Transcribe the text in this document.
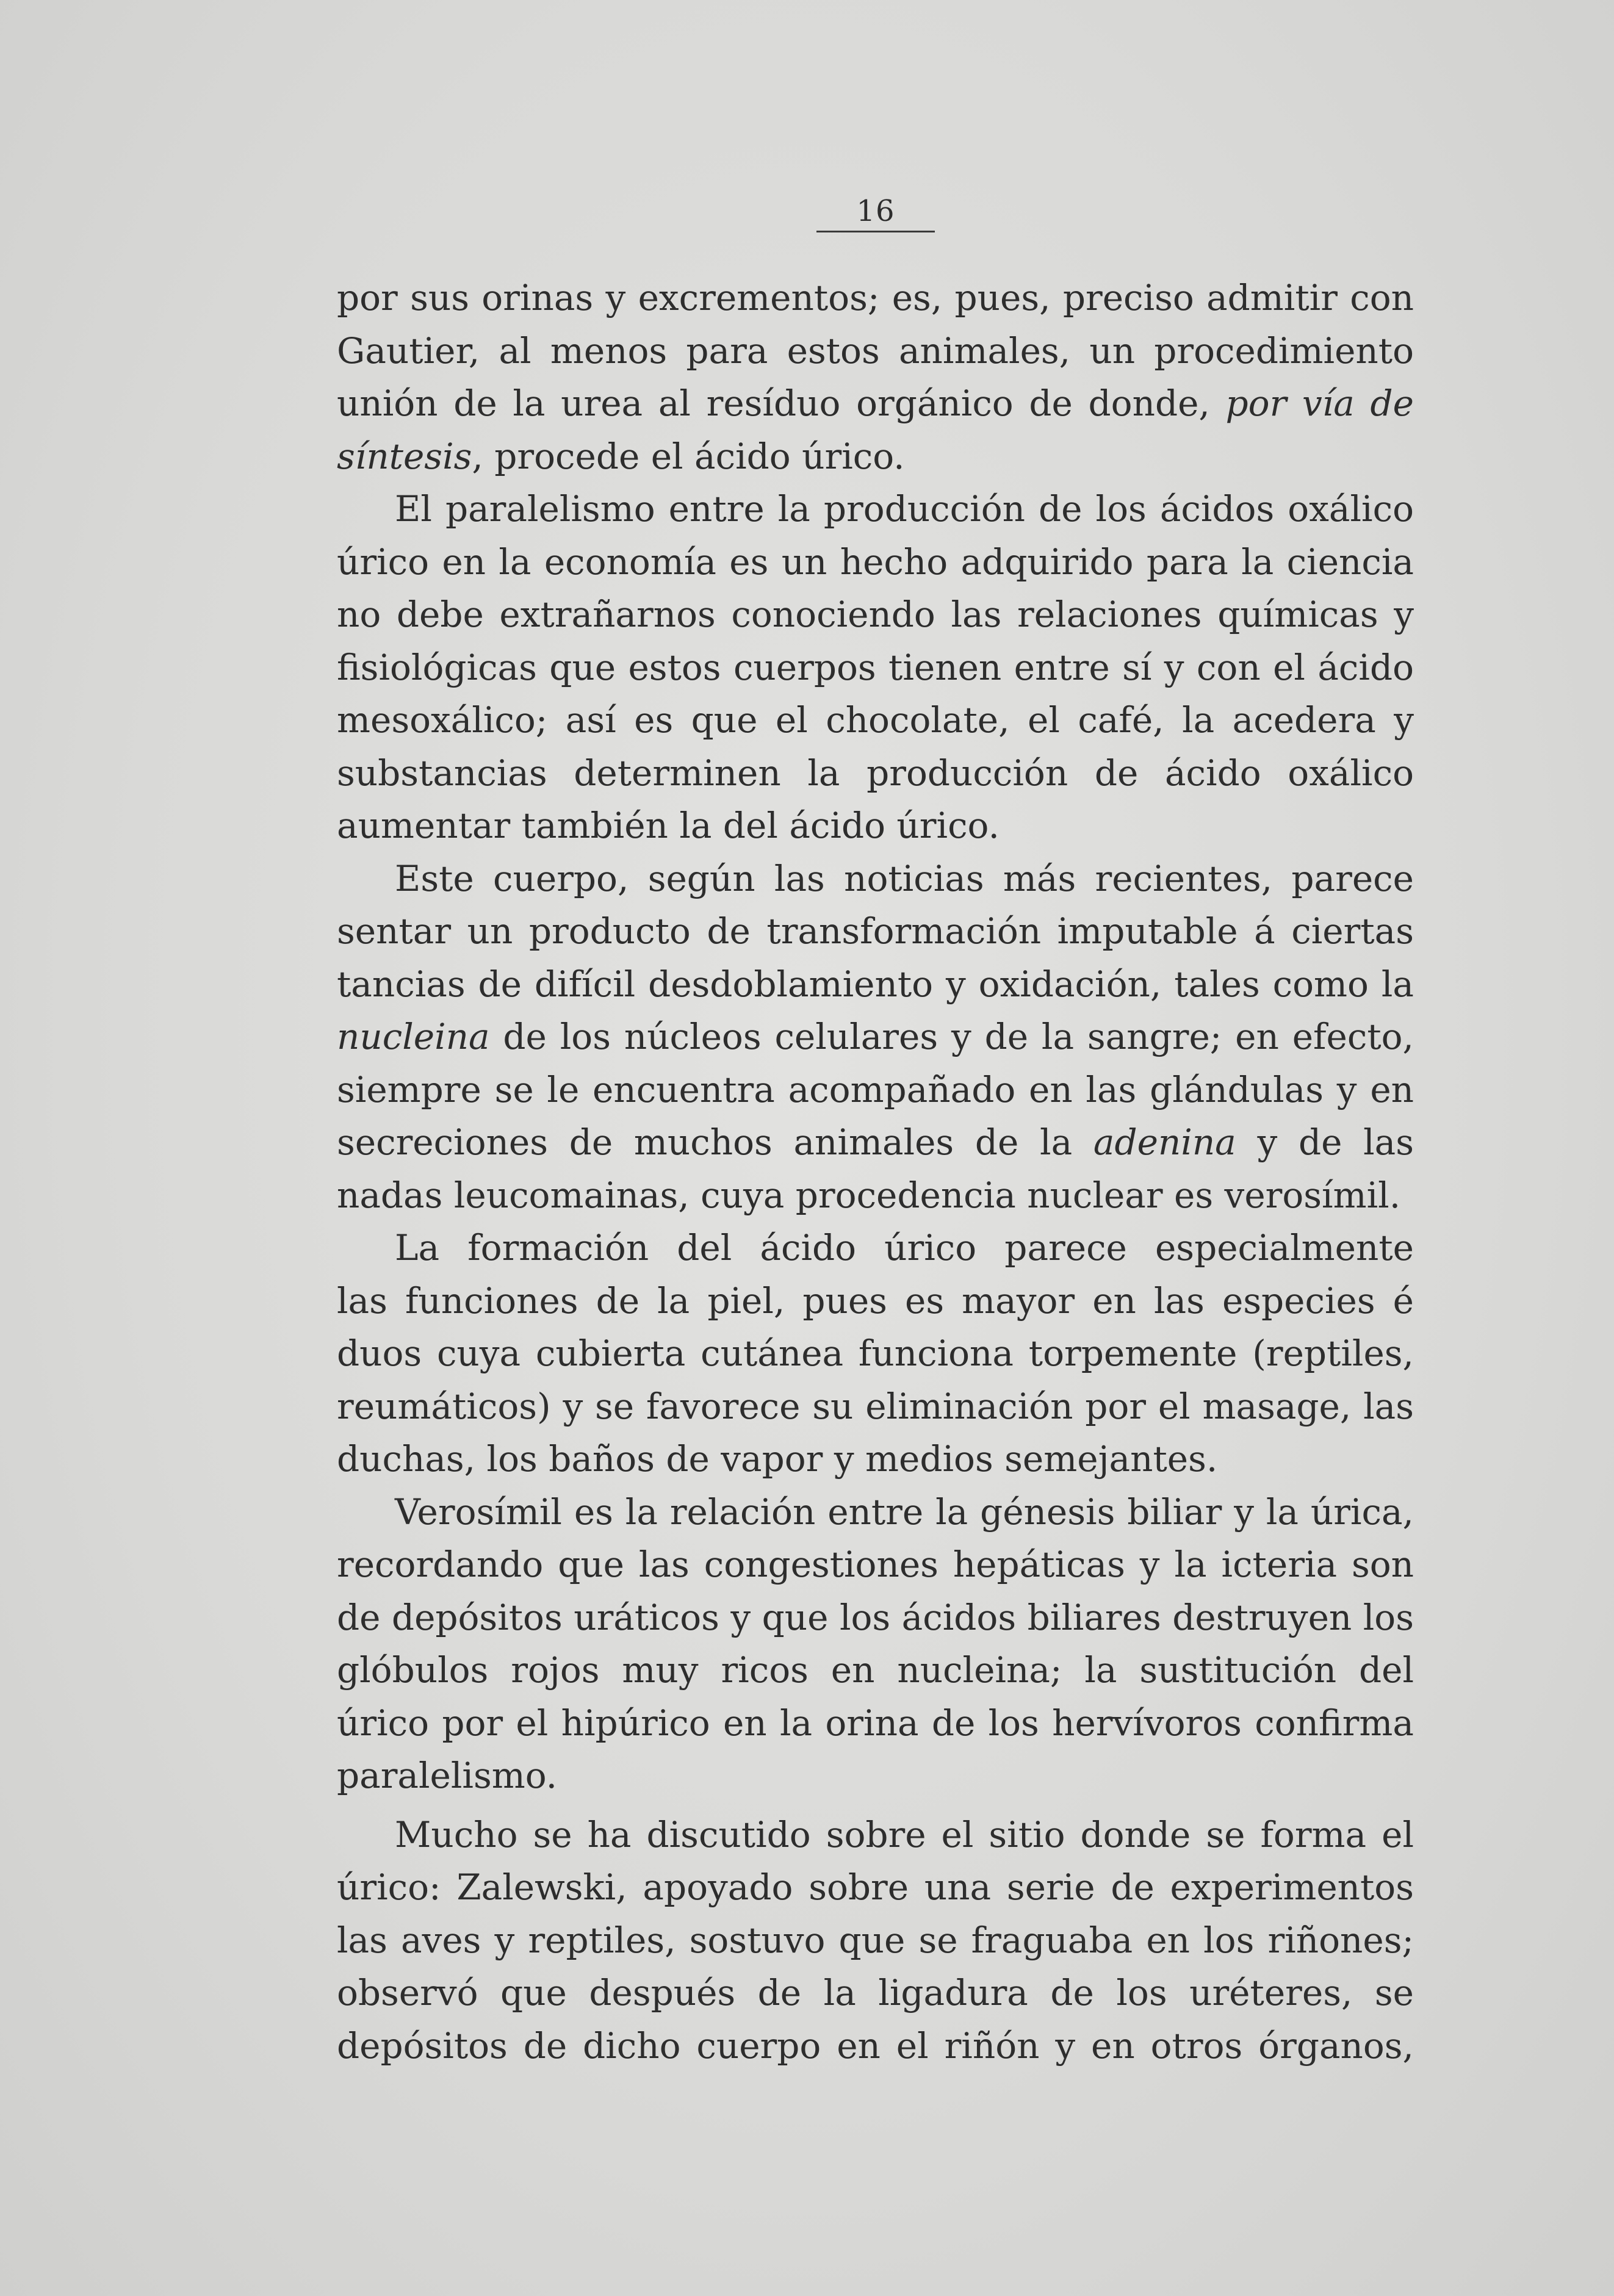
16
por sus orinas y excrementos; es, pues, preciso admitir con
Gautier, al menos para estos animales, un procedimiento
unión de la urea al resíduo orgánico de donde, por vía de
síntesis, procede el ácido úrico.
El paralelismo entre la producción de los ácidos oxálico
úrico en la economía es un hecho adquirido para la ciencia
no debe extrañarnos conociendo las relaciones químicas y
fisiológicas que estos cuerpos tienen entre sí y con el ácido
mesoxálico; así es que el chocolate, el café, la acedera y
substancias determinen la producción de ácido oxálico
aumentar también la del ácido úrico.
Este cuerpo, según las noticias más recientes, parece
sentar un producto de transformación imputable á ciertas
tancias de difícil desdoblamiento y oxidación, tales como la
nucleina de los núcleos celulares y de la sangre; en efecto,
siempre se le encuentra acompañado en las glándulas y en
secreciones de muchos animales de la adenina y de las
nadas leucomainas, cuya procedencia nuclear es verosímil.
La formación del ácido úrico parece especialmente
las funciones de la piel, pues es mayor en las especies é
duos cuya cubierta cutánea funciona torpemente (reptiles,
reumáticos) y se favorece su eliminación por el masage, las
duchas, los baños de vapor y medios semejantes.
Verosímil es la relación entre la génesis biliar y la úrica,
recordando que las congestiones hepáticas y la icteria son
de depósitos uráticos y que los ácidos biliares destruyen los
glóbulos rojos muy ricos en nucleina; la sustitución del
úrico por el hipúrico en la orina de los hervívoros confirma
paralelismo.
Mucho se ha discutido sobre el sitio donde se forma el
úrico: Zalewski, apoyado sobre una serie de experimentos
las aves y reptiles, sostuvo que se fraguaba en los riñones;
observó que después de la ligadura de los uréteres, se
depósitos de dicho cuerpo en el riñón y en otros órganos,
